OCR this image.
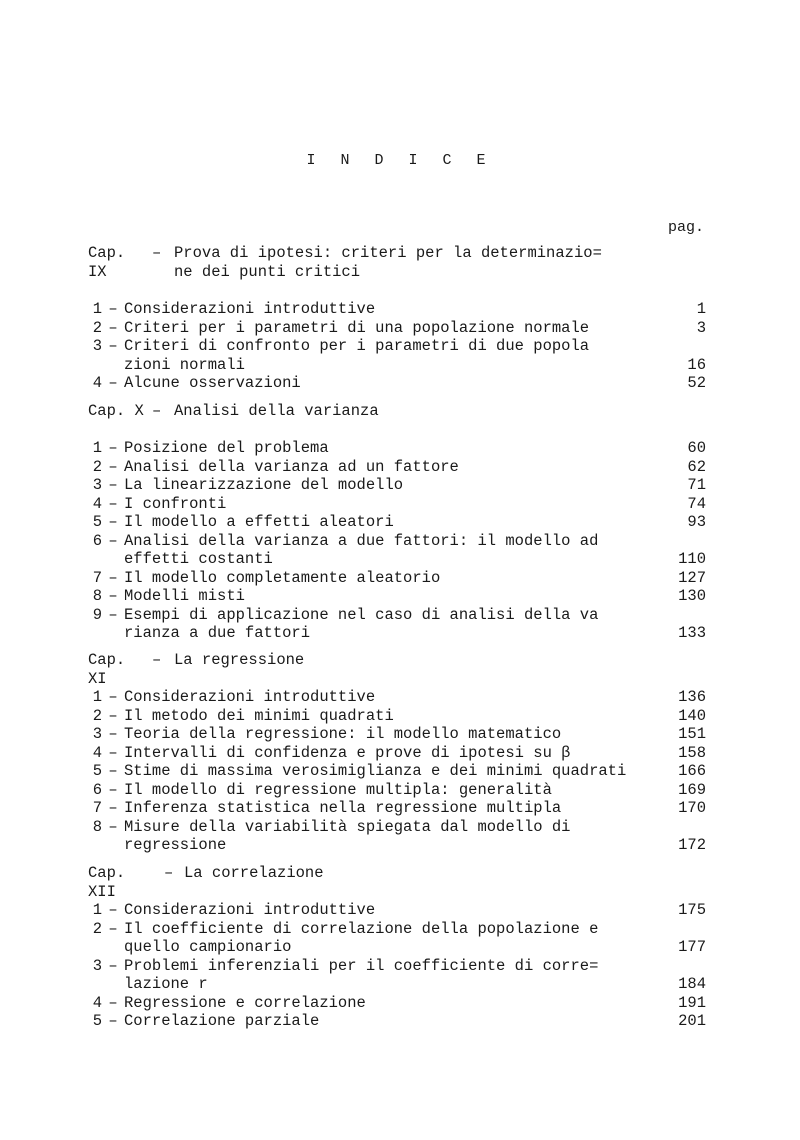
I N D I C E
pag.
Cap. IX
– Prova di ipotesi: criteri per la determinazio=
ne dei punti critici
1 – Considerazioni introduttive	1
2 – Criteri per i parametri di una popolazione normale	3
3 – Criteri di confronto per i parametri di due popola
zioni normali	16
4 – Alcune osservazioni	52
Cap. X – Analisi della varianza
1 – Posizione del problema	60
2 – Analisi della varianza ad un fattore	62
3 – La linearizzazione del modello	71
4 – I confronti	74
5 – Il modello a effetti aleatori	93
6 – Analisi della varianza a due fattori: il modello ad
effetti costanti	110
7 – Il modello completamente aleatorio	127
8 – Modelli misti	130
9 – Esempi di applicazione nel caso di analisi della va
rianza a due fattori	133
Cap. XI
– La regressione
1 – Considerazioni introduttive	136
2 – Il metodo dei minimi quadrati	140
3 – Teoria della regressione: il modello matematico	151
4 – Intervalli di confidenza e prove di ipotesi su β	158
5 – Stime di massima verosimiglianza e dei minimi quadrati	166
6 – Il modello di regressione multipla: generalità	169
7 – Inferenza statistica nella regressione multipla	170
8 – Misure della variabilità spiegata dal modello di
regressione	172
Cap. XII
– La correlazione
1 – Considerazioni introduttive	175
2 – Il coefficiente di correlazione della popolazione e
quello campionario	177
3 – Problemi inferenziali per il coefficiente di corre=
lazione r	184
4 – Regressione e correlazione	191
5 – Correlazione parziale	201
